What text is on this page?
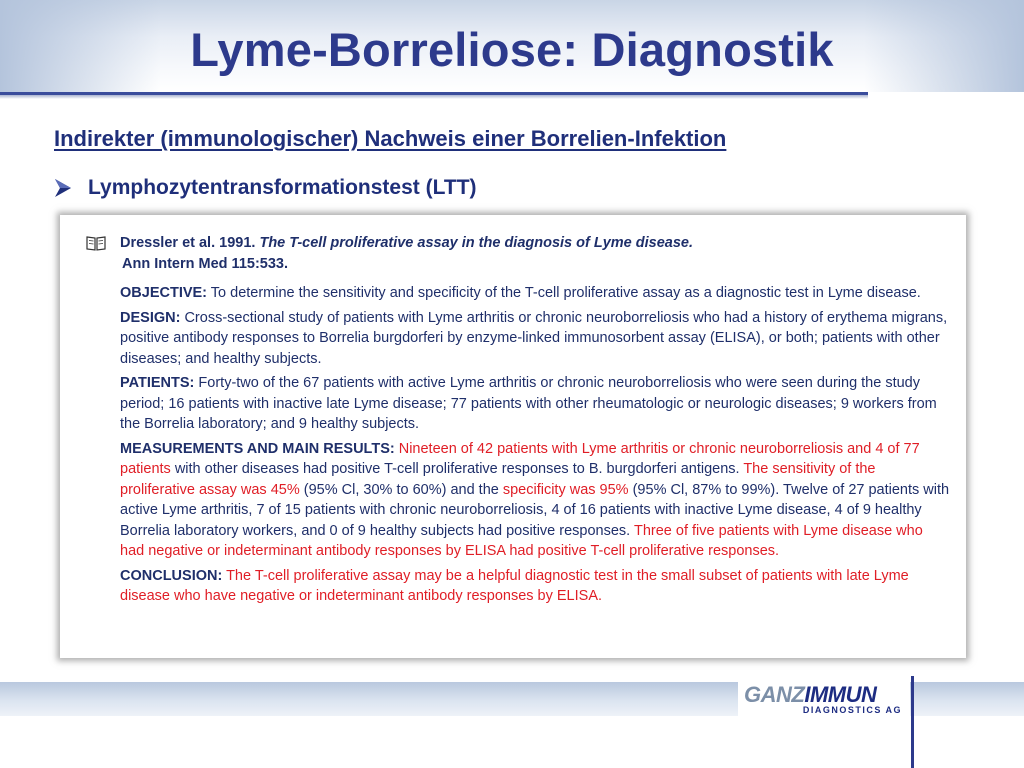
Lyme-Borreliose: Diagnostik
Indirekter (immunologischer) Nachweis einer Borrelien-Infektion
Lymphozytentransformationstest (LTT)
Dressler et al. 1991. The T-cell proliferative assay in the diagnosis of Lyme disease.
Ann Intern Med 115:533.

OBJECTIVE: To determine the sensitivity and specificity of the T-cell proliferative assay as a diagnostic test in Lyme disease.

DESIGN: Cross-sectional study of patients with Lyme arthritis or chronic neuroborreliosis who had a history of erythema migrans, positive antibody responses to Borrelia burgdorferi by enzyme-linked immunosorbent assay (ELISA), or both; patients with other diseases; and healthy subjects.

PATIENTS: Forty-two of the 67 patients with active Lyme arthritis or chronic neuroborreliosis who were seen during the study period; 16 patients with inactive late Lyme disease; 77 patients with other rheumatologic or neurologic diseases; 9 workers from the Borrelia laboratory; and 9 healthy subjects.

MEASUREMENTS AND MAIN RESULTS: Nineteen of 42 patients with Lyme arthritis or chronic neuroborreliosis and 4 of 77 patients with other diseases had positive T-cell proliferative responses to B. burgdorferi antigens. The sensitivity of the proliferative assay was 45% (95% Cl, 30% to 60%) and the specificity was 95% (95% Cl, 87% to 99%). Twelve of 27 patients with active Lyme arthritis, 7 of 15 patients with chronic neuroborreliosis, 4 of 16 patients with inactive Lyme disease, 4 of 9 healthy Borrelia laboratory workers, and 0 of 9 healthy subjects had positive responses. Three of five patients with Lyme disease who had negative or indeterminant antibody responses by ELISA had positive T-cell proliferative responses.

CONCLUSION: The T-cell proliferative assay may be a helpful diagnostic test in the small subset of patients with late Lyme disease who have negative or indeterminant antibody responses by ELISA.

GANZIMMUN
DIAGNOSTICS AG
